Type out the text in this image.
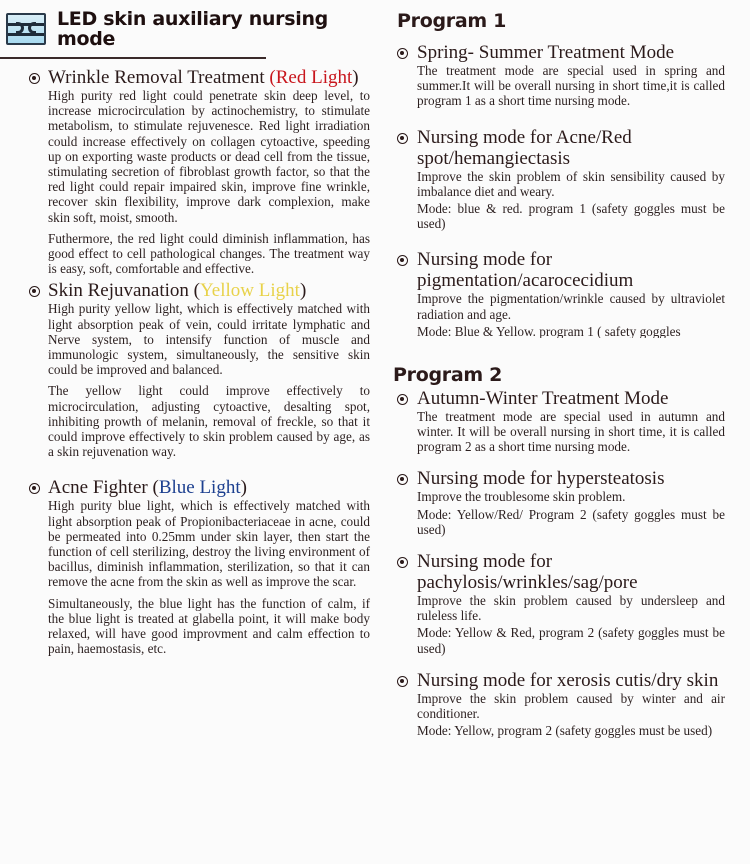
LED skin auxiliary nursing mode

Wrinkle Removal Treatment (Red Light)

High purity red light could penetrate skin deep level, to increase microcirculation by actinochemistry, to stimulate metabolism, to stimulate rejuvenesce. Red light irradiation could increase effectively on collagen cytoactive, speeding up on exporting waste products or dead cell from the tissue, stimulating secretion of fibroblast growth factor, so that the red light could repair impaired skin, improve fine wrinkle, recover skin flexibility, improve dark complexion, make skin soft, moist, smooth.

Futhermore, the red light could diminish inflammation, has good effect to cell pathological changes. The treatment way is easy, soft, comfortable and effective.

Skin Rejuvanation (Yellow Light)

High purity yellow light, which is effectively matched with light absorption peak of vein, could irritate lymphatic and Nerve system, to intensify function of muscle and immunologic system, simultaneously, the sensitive skin could be improved and balanced.

The yellow light could improve effectively to microcirculation, adjusting cytoactive, desalting spot, inhibiting prowth of melanin, removal of freckle, so that it could improve effectively to skin problem caused by age, as a skin rejuvenation way.

Acne Fighter (Blue Light)

High purity blue light, which is effectively matched with light absorption peak of Propionibacteriaceae in acne, could be permeated into 0.25mm under skin layer, then start the function of cell sterilizing, destroy the living environment of bacillus, diminish inflammation, sterilization, so that it can remove the acne from the skin as well as improve the scar.

Simultaneously, the blue light has the function of calm, if the blue light is treated at glabella point, it will make body relaxed, will have good improvment and calm effection to pain, haemostasis, etc.

Program 1

Spring- Summer Treatment Mode

The treatment mode are special used in spring and summer.It will be overall nursing in short time,it is called program 1 as a short time nursing mode.

Nursing mode for Acne/Red spot/hemangiectasis

Improve the skin problem of skin sensibility caused by imbalance diet and weary.

Mode: blue & red. program 1 (safety goggles must be used)

Nursing mode for pigmentation/acarocecidium

Improve the pigmentation/wrinkle caused by ultraviolet radiation and age.

Mode: Blue & Yellow. program 1 ( safety goggles

Program 2

Autumn-Winter Treatment Mode

The treatment mode are special used in autumn and winter. It will be overall nursing in short time, it is called program 2 as a short time nursing mode.

Nursing mode for hypersteatosis

Improve the troublesome skin problem.

Mode: Yellow/Red/ Program 2 (safety goggles must be used)

Nursing mode for pachylosis/wrinkles/sag/pore

Improve the skin problem caused by undersleep and ruleless life.

Mode: Yellow & Red, program 2 (safety goggles must be used)

Nursing mode for xerosis cutis/dry skin

Improve the skin problem caused by winter and air conditioner.

Mode: Yellow, program 2 (safety goggles must be used)
